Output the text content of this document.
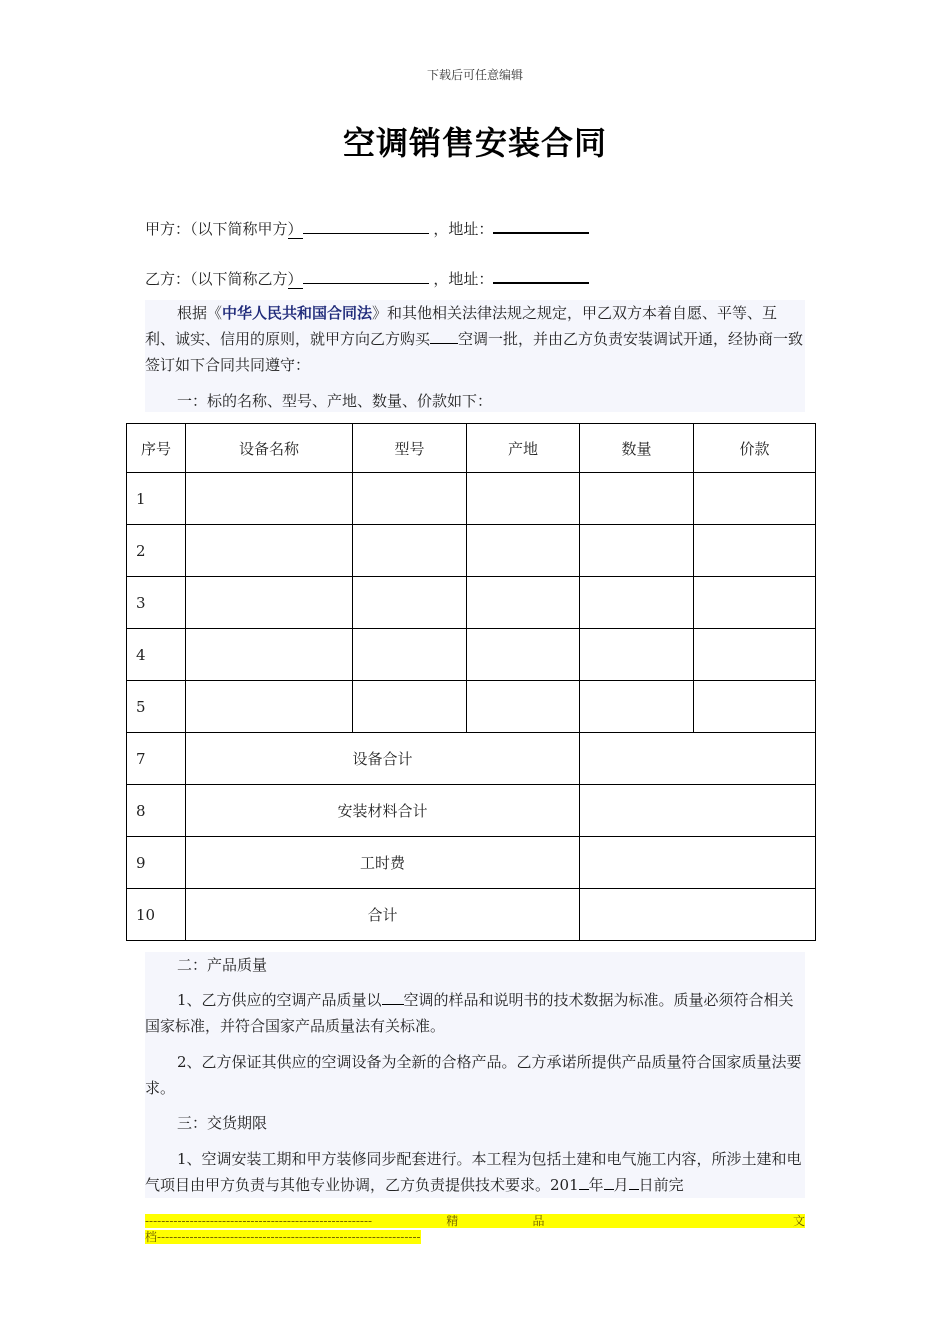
下载后可任意编辑
空调销售安装合同
甲方：（以下简称甲方）	，地址：
乙方：（以下简称乙方）	，地址：
根据《中华人民共和国合同法》和其他相关法律法规之规定，甲乙双方本着自愿、平等、互利、诚实、信用的原则，就甲方向乙方购买 空调一批，并由乙方负责安装调试开通，经协商一致签订如下合同共同遵守：
一：标的名称、型号、产地、数量、价款如下：
序号	设备名称	型号	产地	数量	价款
1					
2					
3					
4					
5					
7	设备合计				
8	安装材料合计				
9	工时费				
10	合计				
二：产品质量
1、乙方供应的空调产品质量以 空调的样品和说明书的技术数据为标准。质量必须符合相关国家标准，并符合国家产品质量法有关标准。
2、乙方保证其供应的空调设备为全新的合格产品。乙方承诺所提供产品质量符合国家质量法要求。
三：交货期限
1、空调安装工期和甲方装修同步配套进行。本工程为包括土建和电气施工内容，所涉土建和电气项目由甲方负责与其他专业协调，乙方负责提供技术要求。201 年 月 日前完
--------------------------------------------------------	精	品	文
档-----------------------------------------------------------------
